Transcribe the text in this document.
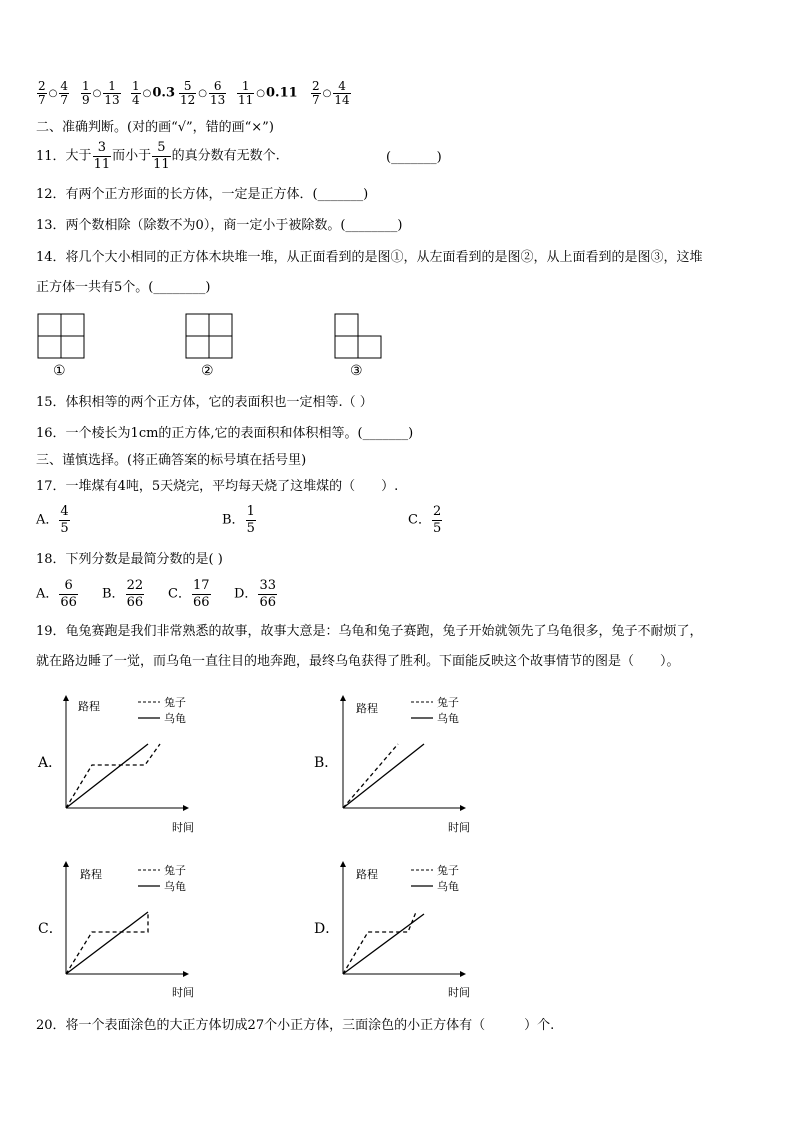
$\frac{2}{7}$ ○ $\frac{4}{7} \frac{1}{9}$ ○ $\frac{1}{13} \frac{1}{4}$ ○0.3 $\frac{5}{12}$ ○ $\frac{6}{13} \frac{1}{11}$ ○0.11 $\frac{2}{7}$ ○ $\frac{4}{14}$
二、准确判断。(对的画“√”，错的画“×”)
11．大于 $\frac{3}{11}$ 而小于 $\frac{5}{11}$ 的真分数有无数个.	(_______)
12．有两个正方形面的长方体，一定是正方体．(_______)
13．两个数相除（除数不为0），商一定小于被除数。(________)
14．将几个大小相同的正方体木块堆一堆，从正面看到的是图①，从左面看到的是图②，从上面看到的是图③，这堆
正方体一共有5个。(________)
①	②	③
15．体积相等的两个正方体，它的表面积也一定相等.（ ）
16．一个棱长为1cm的正方体,它的表面积和体积相等。(_______)
三、谨慎选择。(将正确答案的标号填在括号里)
17．一堆煤有4吨，5天烧完，平均每天烧了这堆煤的（　　）.
A． $\frac{4}{5}$	B． $\frac{1}{5}$	C． $\frac{2}{5}$
18．下列分数是最简分数的是( )
A． $\frac{6}{66}$ B． $\frac{22}{66}$ C． $\frac{17}{66}$ D． $\frac{33}{66}$
19．龟兔赛跑是我们非常熟悉的故事，故事大意是：乌龟和兔子赛跑，兔子开始就领先了乌龟很多，兔子不耐烦了，
就在路边睡了一觉，而乌龟一直往目的地奔跑，最终乌龟获得了胜利。下面能反映这个故事情节的图是（　　）。
A．	B．
C．	D．
路程	兔子
乌龟
时间
路程	兔子
乌龟
时间
路程	兔子
乌龟
时间
路程	兔子
乌龟
时间
20．将一个表面涂色的大正方体切成27个小正方体，三面涂色的小正方体有（　　　）个.
